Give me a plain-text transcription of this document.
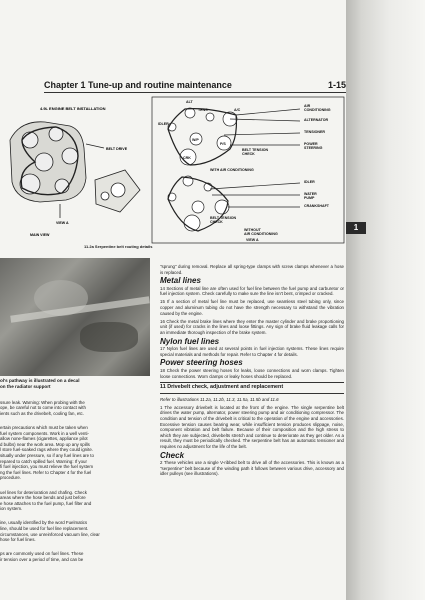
Chapter 1 Tune-up and routine maintenance	1-15
4.9L ENGINE BELT INSTALLATION
BELT DRIVE
VIEW A
MAIN VIEW
ALT
TENS	A/C
IDLER
W/P
P/S
CRK
AIR CONDITIONING
ALTERNATOR
TENSIONER
BELT TENSION CHECK
POWER STEERING
WITH AIR CONDITIONING
IDLER
WATER PUMP
CRANKSHAFT
BELT TENSION CHECK
WITHOUT AIR CONDITIONING
VIEW A
11.2a Serpentine belt routing details
ol's pathway is illustrated on a decal
on the radiator support

ssure leak. Warning: When probing with the
ope, be careful not to come into contact with
ients such as the drivebelt, cooling fan, etc.

ertain precautions which must be taken when
fuel system components. Work in a well venti-
allow none-flames (cigarettes, appliance pilot
d bulbs) near the work area. Mop up any spills
l store fuel-soaked rags where they could ignite.
situally under pressure, so if any fuel lines are to
repared to catch spilled fuel. Warning: If your
fi fuel injection, you must relieve the fuel system
ng the fuel lines. Refer to Chapter 4 for the fuel
procedure.

uel lines for deterioration and chafing. Check
areas where the hose bends and just before
e hose attaches to the fuel pump, fuel filter and
ion system.

ine, usually identified by the word Fuelmatics
line, should be used for fuel line replacement.
circumstances, use unreinforced vacuum line, clear
hose for fuel lines.

ps are commonly used on fuel lines. These
ir tension over a period of time, and can be

"sprung" during removal. Replace all spring-type clamps with screw clamps whenever a hose is replaced.

Metal lines

14 Sections of metal line are often used for fuel line between the fuel pump and carburetor or fuel injection system. Check carefully to make sure the line isn't bent, crimped or cracked.

15 If a section of metal fuel line must be replaced, use seamless steel tubing only, since copper and aluminum tubing do not have the strength necessary to withstand the vibration caused by the engine.

16 Check the metal brake lines where they enter the master cylinder and brake proportioning unit (if used) for cracks in the lines and loose fittings. Any sign of brake fluid leakage calls for an immediate thorough inspection of the brake system.

Nylon fuel lines

17 Nylon fuel lines are used at several points in fuel injection systems. These lines require special materials and methods for repair. Refer to Chapter 4 for details.

Power steering hoses

18 Check the power steering hoses for leaks, loose connections and worn clamps. Tighten loose connections. Worn clamps or leaky hoses should be replaced.

11 Drivebelt check, adjustment and replacement

Refer to illustrations 11.2a, 11.2b, 11.3, 11.5a, 11.5b and 11.6

1 The accessory drivebelt is located at the front of the engine. The single serpentine belt drives the water pump, alternator, power steering pump and air conditioning compressor. The condition and tension of the drivebelt is critical to the operation of the engine and accessories. Excessive tension causes bearing wear, while insufficient tension produces slippage, noise, component vibration and belt failure. Because of their composition and the high stress to which they are subjected, drivebelts stretch and continue to deteriorate as they get older. As a result, they must be periodically checked. The serpentine belt has an automatic tensioner and requires no adjustment for the life of the belt.

Check

2 These vehicles use a single V-ribbed belt to drive all of the accessories. This is known as a "serpentine" belt because of the winding path it follows between various drive, accessory and idler pulleys (see illustrations).

1
